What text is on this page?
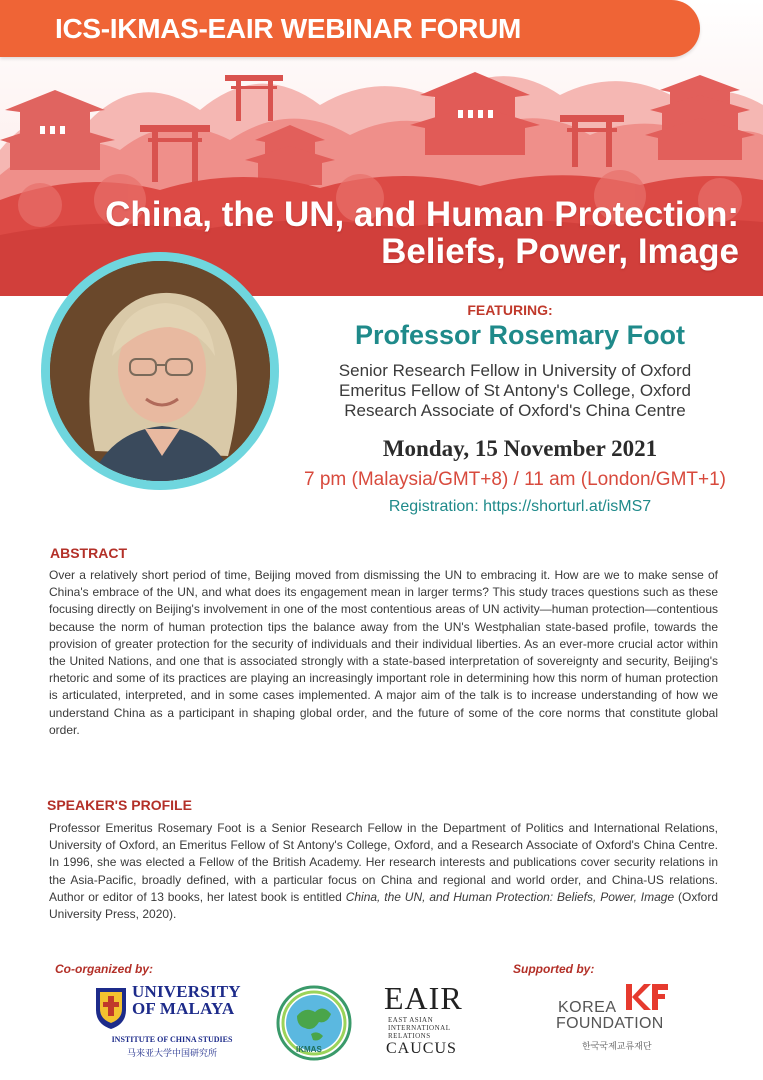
ICS-IKMAS-EAIR WEBINAR FORUM
China, the UN, and Human Protection:
Beliefs, Power, Image
FEATURING:
Professor Rosemary Foot
Senior Research Fellow in University of Oxford
Emeritus Fellow of St Antony's College, Oxford
Research Associate of Oxford's China Centre
Monday, 15 November 2021
7 pm (Malaysia/GMT+8) / 11 am (London/GMT+1)
Registration: https://shorturl.at/isMS7
ABSTRACT
Over a relatively short period of time, Beijing moved from dismissing the UN to embracing it. How are we to make sense of China's embrace of the UN, and what does its engagement mean in larger terms? This study traces questions such as these focusing directly on Beijing's involvement in one of the most contentious areas of UN activity—human protection—contentious because the norm of human protection tips the balance away from the UN's Westphalian state-based profile, towards the provision of greater protection for the security of individuals and their individual liberties. As an ever-more crucial actor within the United Nations, and one that is associated strongly with a state-based interpretation of sovereignty and security, Beijing's rhetoric and some of its practices are playing an increasingly important role in determining how this norm of human protection is articulated, interpreted, and in some cases implemented. A major aim of the talk is to increase understanding of how we understand China as a participant in shaping global order, and the future of some of the core norms that constitute global order.
SPEAKER'S PROFILE
Professor Emeritus Rosemary Foot is a Senior Research Fellow in the Department of Politics and International Relations, University of Oxford, an Emeritus Fellow of St Antony's College, Oxford, and a Research Associate of Oxford's China Centre. In 1996, she was elected a Fellow of the British Academy. Her research interests and publications cover security relations in the Asia-Pacific, broadly defined, with a particular focus on China and regional and world order, and China-US relations. Author or editor of 13 books, her latest book is entitled China, the UN, and Human Protection: Beliefs, Power, Image (Oxford University Press, 2020).
Co-organized by:	Supported by:
UNIVERSITY
OF MALAYA
INSTITUTE OF CHINA STUDIES
马来亚大学中国研究所	IKMAS
EAIR
EAST ASIAN
INTERNATIONAL
RELATIONS
CAUCUS
KOREA
FOUNDATION
한국국제교류재단
